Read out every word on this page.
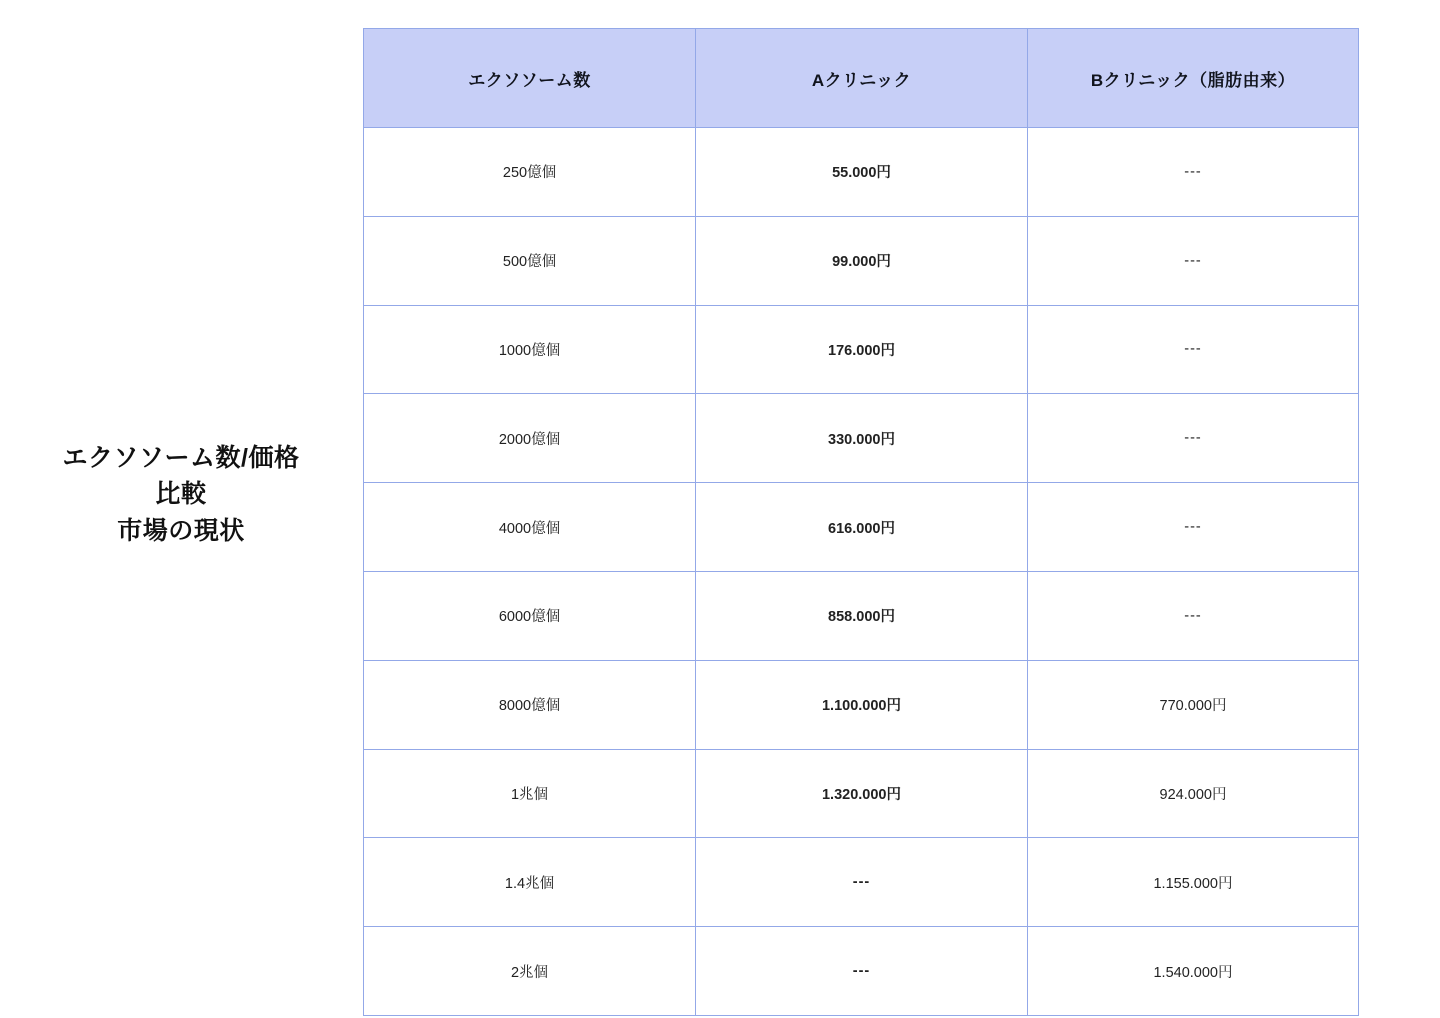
エクソソーム数/価格
比較
市場の現状
エクソソーム数	Aクリニック	Bクリニック（脂肪由来）
250億個	55.000円	---
500億個	99.000円	---
1000億個	176.000円	---
2000億個	330.000円	---
4000億個	616.000円	---
6000億個	858.000円	---
8000億個	1.100.000円	770.000円
1兆個	1.320.000円	924.000円
1.4兆個	---	1.155.000円
2兆個	---	1.540.000円
